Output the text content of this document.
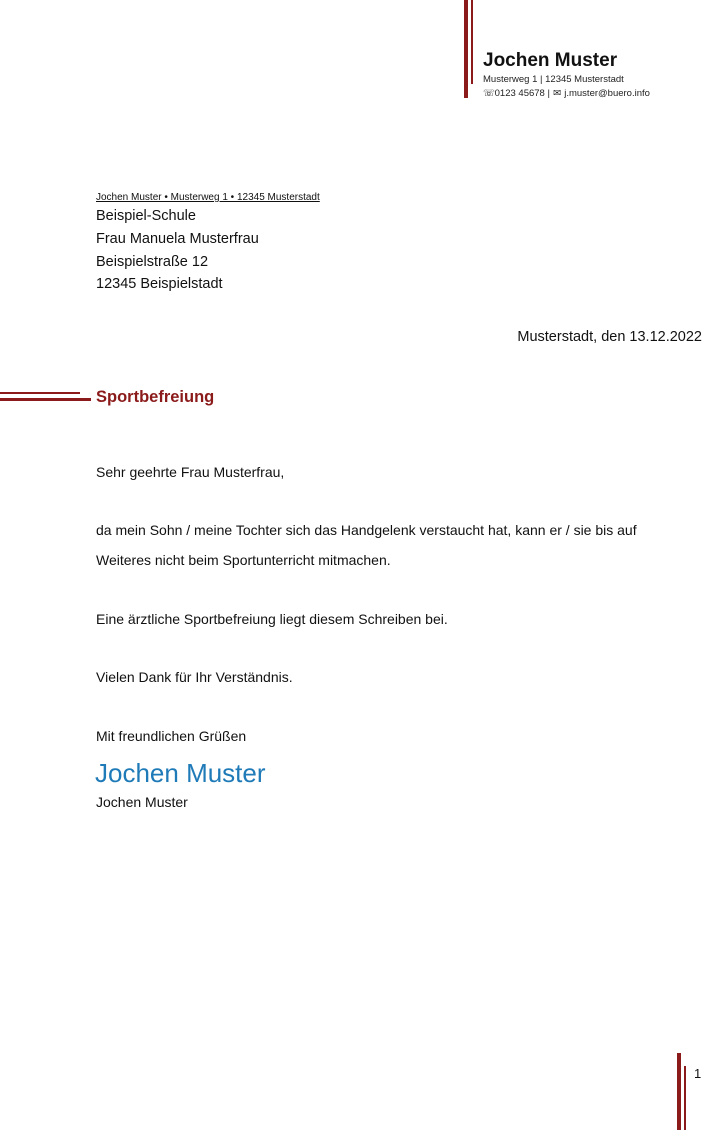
Jochen Muster
Musterweg 1 | 12345 Musterstadt
☏ 0123 45678 | ✉ j.muster@buero.info
Jochen Muster • Musterweg 1 • 12345 Musterstadt
Beispiel-Schule
Frau Manuela Musterfrau
Beispielstraße 12
12345 Beispielstadt
Musterstadt, den 13.12.2022
Sportbefreiung
Sehr geehrte Frau Musterfrau,
da mein Sohn / meine Tochter sich das Handgelenk verstaucht hat, kann er / sie bis auf
Weiteres nicht beim Sportunterricht mitmachen.
Eine ärztliche Sportbefreiung liegt diesem Schreiben bei.
Vielen Dank für Ihr Verständnis.
Mit freundlichen Grüßen
Jochen Muster
Jochen Muster
1
